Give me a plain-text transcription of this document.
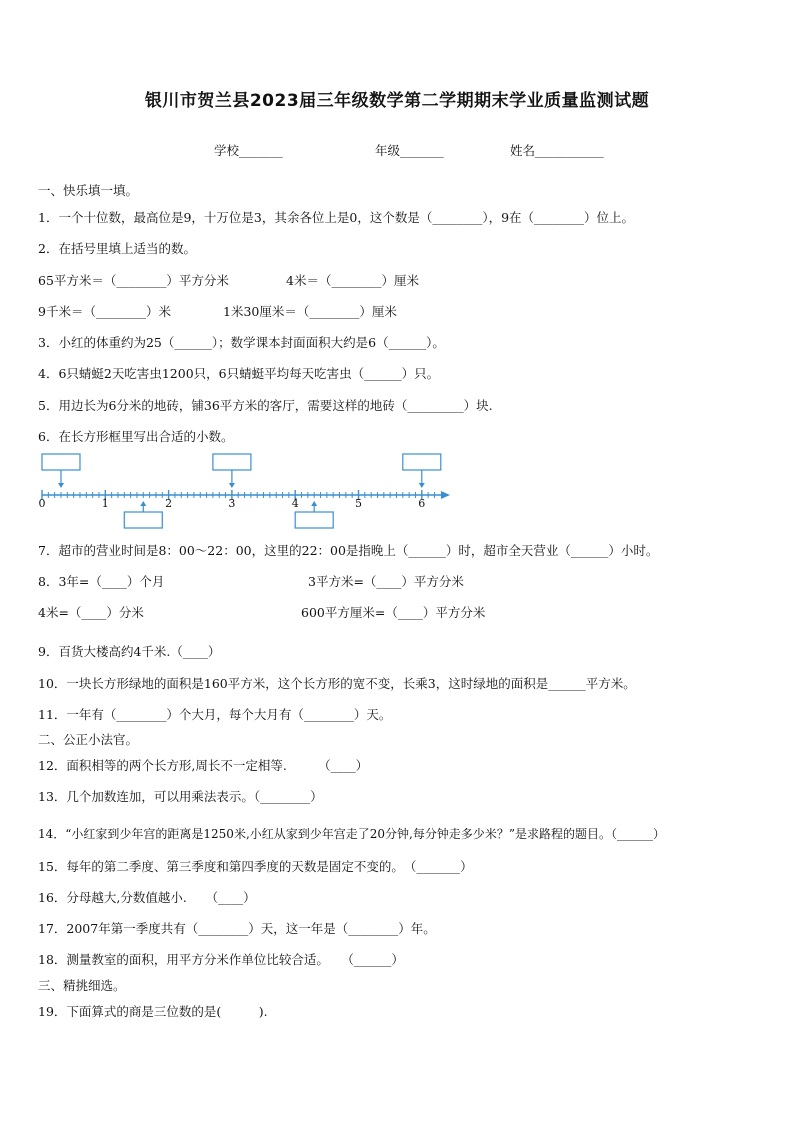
银川市贺兰县2023届三年级数学第二学期期末学业质量监测试题
学校_______	年级_______	姓名___________
一、快乐填一填。
1．一个十位数，最高位是9，十万位是3，其余各位上是0，这个数是（________），9在（________）位上。
2．在括号里填上适当的数。
65平方米＝（________）平方分米	4米＝（________）厘米
9千米＝（________）米	1米30厘米＝（________）厘米
3．小红的体重约为25（______）；数学课本封面面积大约是6（______）。
4．6只蜻蜓2天吃害虫1200只，6只蜻蜓平均每天吃害虫（______）只。
5．用边长为6分米的地砖，铺36平方米的客厅，需要这样的地砖（_________）块.
6．在长方形框里写出合适的小数。
0	1	2	3	4	5	6
7．超市的营业时间是8：00～22：00，这里的22：00是指晚上（______）时，超市全天营业（______）小时。
8．3年=（____）个月	3平方米=（____）平方分米
4米=（____）分米	600平方厘米=（____）平方分米
9．百货大楼高约4千米.（____）
10．一块长方形绿地的面积是160平方米，这个长方形的宽不变，长乘3，这时绿地的面积是______平方米。
11．一年有（________）个大月，每个大月有（________）天。
二、公正小法官。
12．面积相等的两个长方形,周长不一定相等.　　　（____）
13．几个加数连加，可以用乘法表示。（________）
14．“小红家到少年宫的距离是1250米,小红从家到少年宫走了20分钟,每分钟走多少米？”是求路程的题目。（______）
15．每年的第二季度、第三季度和第四季度的天数是固定不变的。　（_______）
16．分母越大,分数值越小.　　（____）
17．2007年第一季度共有（________）天，这一年是（________）年。
18．测量教室的面积，用平方分米作单位比较合适。　　（______）
三、精挑细选。
19．下面算式的商是三位数的是(　　　).
